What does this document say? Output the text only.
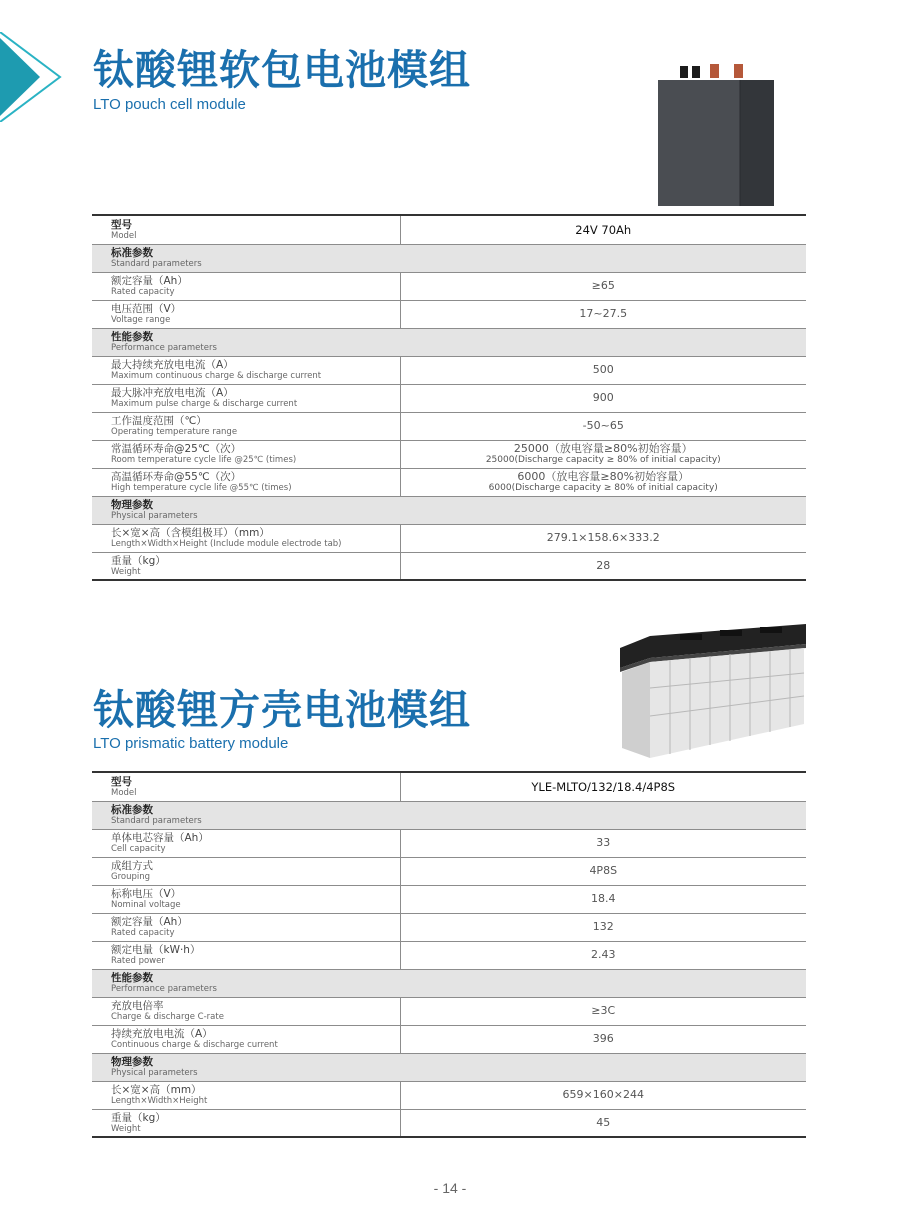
钛酸锂软包电池模组

LTO pouch cell module

型号
Model	24V 70Ah

标准参数
Standard parameters	

额定容量（Ah）
Rated capacity	≥65

电压范围（V）
Voltage range	17~27.5

性能参数
Performance parameters	

最大持续充放电电流（A）
Maximum continuous charge & discharge current	500

最大脉冲充放电电流（A）
Maximum pulse charge & discharge current	900

工作温度范围（℃）
Operating temperature range	-50~65

常温循环寿命@25℃（次）
Room temperature cycle life @25℃ (times)	25000（放电容量≥80%初始容量）
25000(Discharge capacity ≥ 80% of initial capacity)

高温循环寿命@55℃（次）
High temperature cycle life @55℃ (times)	6000（放电容量≥80%初始容量）
6000(Discharge capacity ≥ 80% of initial capacity)

物理参数
Physical parameters	

长×宽×高（含模组极耳）（mm）
Length×Width×Height (Include module electrode tab)	279.1×158.6×333.2

重量（kg）
Weight	28
钛酸锂方壳电池模组

LTO prismatic battery module

型号
Model	YLE-MLTO/132/18.4/4P8S

标准参数
Standard parameters	

单体电芯容量（Ah）
Cell capacity	33

成组方式
Grouping	4P8S

标称电压（V）
Nominal voltage	18.4

额定容量（Ah）
Rated capacity	132

额定电量（kW·h）
Rated power	2.43

性能参数
Performance parameters	

充放电倍率
Charge & discharge C-rate	≥3C

持续充放电电流（A）
Continuous charge & discharge current	396

物理参数
Physical parameters	

长×宽×高（mm）
Length×Width×Height	659×160×244

重量（kg）
Weight	45
- 14 -
